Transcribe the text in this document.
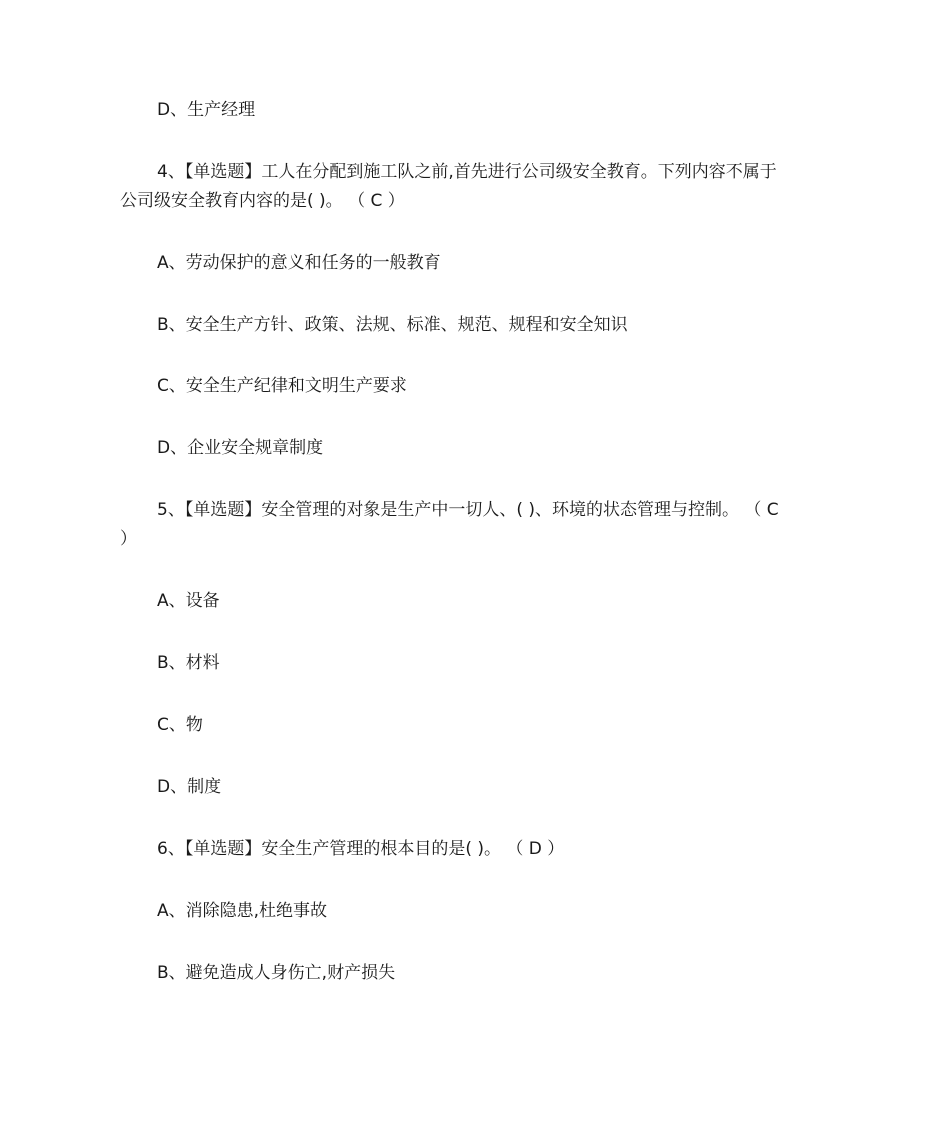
D、生产经理
4、【单选题】工人在分配到施工队之前,首先进行公司级安全教育。下列内容不属于
公司级安全教育内容的是( )。 （ C ）
A、劳动保护的意义和任务的一般教育
B、安全生产方针、政策、法规、标准、规范、规程和安全知识
C、安全生产纪律和文明生产要求
D、企业安全规章制度
5、【单选题】安全管理的对象是生产中一切人、( )、环境的状态管理与控制。 （ C
）
A、设备
B、材料
C、物
D、制度
6、【单选题】安全生产管理的根本目的是( )。 （ D ）
A、消除隐患,杜绝事故
B、避免造成人身伤亡,财产损失
